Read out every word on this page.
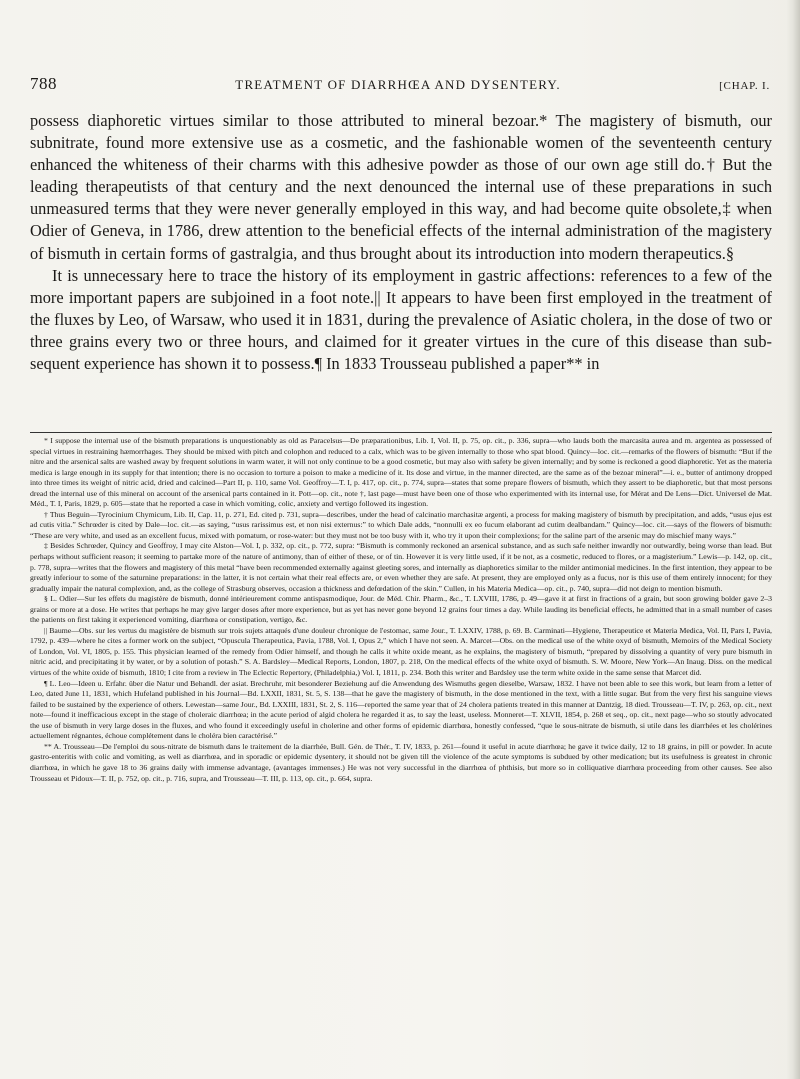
788	TREATMENT OF DIARRHŒA AND DYSENTERY.	[CHAP. I.

possess diaphoretic virtues similar to those attributed to mineral bezoar.* The magistery of bismuth, our subnitrate, found more extensive use as a cosmetic, and the fashionable women of the seventeenth century enhanced the whiteness of their charms with this adhesive powder as those of our own age still do.† But the leading therapeutists of that century and the next denounced the internal use of these preparations in such unmeasured terms that they were never generally employed in this way, and had become quite obsolete,‡ when Odier of Geneva, in 1786, drew attention to the beneficial effects of the internal administration of the magistery of bismuth in certain forms of gastralgia, and thus brought about its introduction into modern therapeutics.§

It is unnecessary here to trace the history of its employment in gastric affections: references to a few of the more important papers are subjoined in a foot note.|| It appears to have been first employed in the treatment of the fluxes by Leo, of Warsaw, who used it in 1831, during the prevalence of Asiatic cholera, in the dose of two or three grains every two or three hours, and claimed for it greater virtues in the cure of this disease than sub-sequent experience has shown it to possess.¶ In 1833 Trousseau published a paper** in

* I suppose the internal use of the bismuth preparations is unquestionably as old as Paracelsus—De præparationibus, Lib. I, Vol. II, p. 75, op. cit., p. 336, supra—who lauds both the marcasita aurea and m. argentea as possessed of special virtues in restraining hæmorrhages. They should be mixed with pitch and colophon and reduced to a calx, which was to be given internally to those who spat blood. Quincy—loc. cit.—remarks of the flowers of bismuth: “But if the nitre and the arsenical salts are washed away by frequent solutions in warm water, it will not only continue to be a good cosmetic, but may also with safety be given internally; and by some is reckoned a good diaphoretic. Yet as the materia medica is large enough in its supply for that intention; there is no occasion to torture a poison to make a medicine of it. Its dose and virtue, in the manner directed, are the same as of the bezoar mineral”—i. e., butter of antimony dropped into three times its weight of nitric acid, dried and calcined—Part II, p. 110, same Vol. Geoffroy—T. I, p. 417, op. cit., p. 774, supra—states that some prepare flowers of bismuth, which they assert to be diaphoretic, but that most persons dread the internal use of this mineral on account of the arsenical parts contained in it. Pott—op. cit., note †, last page—must have been one of those who experimented with its internal use, for Mérat and De Lens—Dict. Universel de Mat. Méd., T. I, Paris, 1829, p. 605—state that he reported a case in which vomiting, colic, anxiety and vertigo followed its ingestion.

† Thus Beguin—Tyrocinium Chymicum, Lib. II, Cap. 11, p. 271, Ed. cited p. 731, supra—describes, under the head of calcinatio marchasitæ argenti, a process for making magistery of bismuth by precipitation, and adds, “usus ejus est ad cutis vitia.” Schrœder is cited by Dale—loc. cit.—as saying, “usus rarissimus est, et non nisi externus:” to which Dale adds, “nonnulli ex eo fucum elaborant ad cutim dealbandam.” Quincy—loc. cit.—says of the flowers of bismuth: “These are very white, and used as an excellent fucus, mixed with pomatum, or rose-water: but they must not be too busy with it, who try it upon their complexions; for the saline part of the arsenic may do mischief many ways.”

‡ Besides Schrœder, Quincy and Geoffroy, I may cite Alston—Vol. I, p. 332, op. cit., p. 772, supra: “Bismuth is commonly reckoned an arsenical substance, and as such safe neither inwardly nor outwardly, being worse than lead. But perhaps without sufficient reason; it seeming to partake more of the nature of antimony, than of either of these, or of tin. However it is very little used, if it be not, as a cosmetic, reduced to flores, or a magisterium.” Lewis—p. 142, op. cit., p. 778, supra—writes that the flowers and magistery of this metal “have been recommended externally against gleeting sores, and internally as diaphoretics similar to the milder antimonial medicines. In the first intention, they appear to be greatly inferiour to some of the saturnine preparations: in the latter, it is not certain what their real effects are, or even whether they are safe. At present, they are employed only as a fucus, nor is this use of them entirely innocent; for they gradually impair the natural complexion, and, as the college of Strasburg observes, occasion a thickness and defœdation of the skin.” Cullen, in his Materia Medica—op. cit., p. 740, supra—did not deign to mention bismuth.

§ L. Odier—Sur les effets du magistère de bismuth, donné intérieurement comme antispasmodique, Jour. de Méd. Chir. Pharm., &c., T. LXVIII, 1786, p. 49—gave it at first in fractions of a grain, but soon growing bolder gave 2–3 grains or more at a dose. He writes that perhaps he may give larger doses after more experience, but as yet has never gone beyond 12 grains four times a day. While lauding its beneficial effects, he admitted that in a small number of cases the patients on first taking it experienced vomiting, diarrhœa or constipation, vertigo, &c.

|| Baume—Obs. sur les vertus du magistère de bismuth sur trois sujets attaqués d'une douleur chronique de l'estomac, same Jour., T. LXXIV, 1788, p. 69. B. Carminati—Hygiene, Therapeutice et Materia Medica, Vol. II, Pars I, Pavia, 1792, p. 439—where he cites a former work on the subject, “Opuscula Therapeutica, Pavia, 1788, Vol. I, Opus 2,” which I have not seen. A. Marcet—Obs. on the medical use of the white oxyd of bismuth, Memoirs of the Medical Society of London, Vol. VI, 1805, p. 155. This physician learned of the remedy from Odier himself, and though he calls it white oxide meant, as he explains, the magistery of bismuth, “prepared by dissolving a quantity of very pure bismuth in nitric acid, and precipitating it by water, or by a solution of potash.” S. A. Bardsley—Medical Reports, London, 1807, p. 218, On the medical effects of the white oxyd of bismuth. S. W. Moore, New York—An Inaug. Diss. on the medical virtues of the white oxide of bismuth, 1810; I cite from a review in The Eclectic Repertory, (Philadelphia,) Vol. I, 1811, p. 234. Both this writer and Bardsley use the term white oxide in the same sense that Marcet did.

¶ L. Leo—Ideen u. Erfahr. über die Natur und Behandl. der asiat. Brechruhr, mit besonderer Beziehung auf die Anwendung des Wismuths gegen dieselbe, Warsaw, 1832. I have not been able to see this work, but learn from a letter of Leo, dated June 11, 1831, which Hufeland published in his Journal—Bd. LXXII, 1831, St. 5, S. 138—that he gave the magistery of bismuth, in the dose mentioned in the text, with a little sugar. But from the very first his sanguine views failed to be sustained by the experience of others. Lewestan—same Jour., Bd. LXXIII, 1831, St. 2, S. 116—reported the same year that of 24 cholera patients treated in this manner at Dantzig, 18 died. Trousseau—T. IV, p. 263, op. cit., next note—found it inefficacious except in the stage of choleraic diarrhœa; in the acute period of algid cholera he regarded it as, to say the least, useless. Monneret—T. XLVII, 1854, p. 268 et seq., op. cit., next page—who so stoutly advocated the use of bismuth in very large doses in the fluxes, and who found it exceedingly useful in cholerine and other forms of epidemic diarrhœa, honestly confessed, “que le sous-nitrate de bismuth, si utile dans les diarrhées et les cholérines actuellement régnantes, échoue complétement dans le choléra bien caractérisé.”

** A. Trousseau—De l'emploi du sous-nitrate de bismuth dans le traitement de la diarrhée, Bull. Gén. de Thér., T. IV, 1833, p. 261—found it useful in acute diarrhœa; he gave it twice daily, 12 to 18 grains, in pill or powder. In acute gastro-enteritis with colic and vomiting, as well as diarrhœa, and in sporadic or epidemic dysentery, it should not be given till the violence of the acute symptoms is subdued by other medication; but its usefulness is greatest in chronic diarrhœa, in which he gave 18 to 36 grains daily with immense advantage, (avantages immenses.) He was not very successful in the diarrhœa of phthisis, but more so in colliquative diarrhœa proceeding from other causes. See also Trousseau et Pidoux—T. II, p. 752, op. cit., p. 716, supra, and Trousseau—T. III, p. 113, op. cit., p. 664, supra.
